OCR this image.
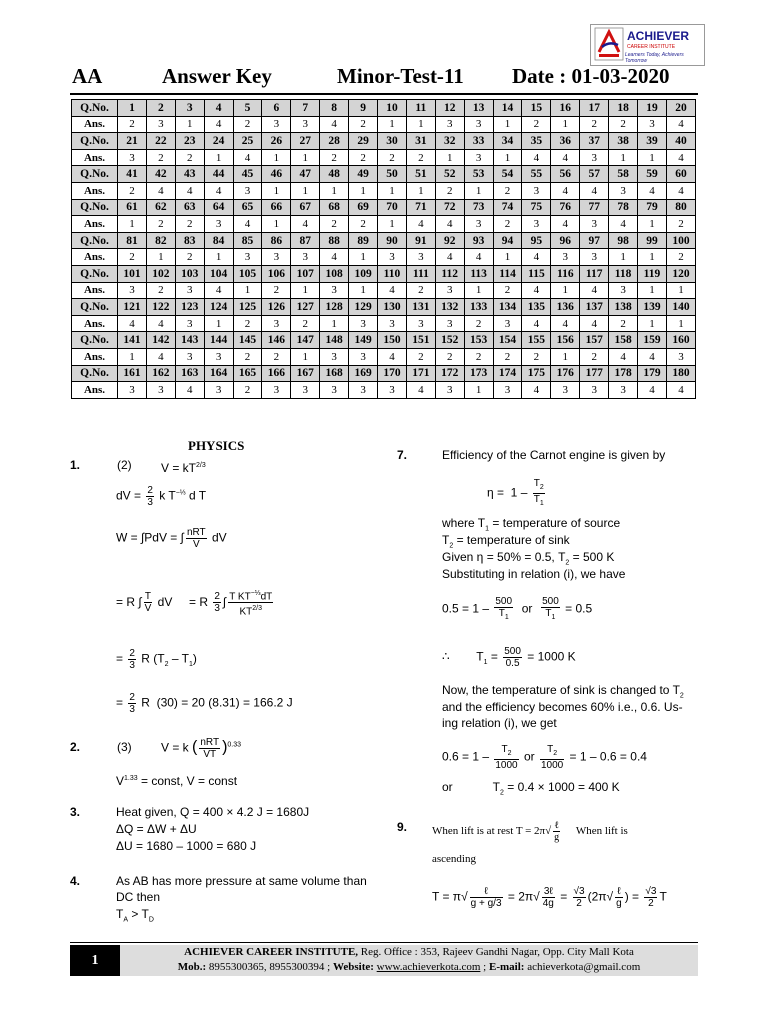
ACHIEVER
CAREER INSTITUTE
Learners Today, Achievers Tomorrow
AA	Answer Key	Minor-Test-11 Date : 01-03-2020
Q.No.	1	2	3	4	5	6	7	8	9	10	11	12	13	14	15	16	17	18	19	20
Ans.	2	3	1	4	2	3	3	4	2	1	1	3	3	1	2	1	2	2	3	4
Q.No.	21	22	23	24	25	26	27	28	29	30	31	32	33	34	35	36	37	38	39	40
Ans.	3	2	2	1	4	1	1	2	2	2	2	1	3	1	4	4	3	1	1	4
Q.No.	41	42	43	44	45	46	47	48	49	50	51	52	53	54	55	56	57	58	59	60
Ans.	2	4	4	4	3	1	1	1	1	1	1	2	1	2	3	4	4	3	4	4
Q.No.	61	62	63	64	65	66	67	68	69	70	71	72	73	74	75	76	77	78	79	80
Ans.	1	2	2	3	4	1	4	2	2	1	4	4	3	2	3	4	3	4	1	2
Q.No.	81	82	83	84	85	86	87	88	89	90	91	92	93	94	95	96	97	98	99	100
Ans.	2	1	2	1	3	3	3	4	1	3	3	4	4	1	4	3	3	1	1	2
Q.No.	101	102	103	104	105	106	107	108	109	110	111	112	113	114	115	116	117	118	119	120
Ans.	3	2	3	4	1	2	1	3	1	4	2	3	1	2	4	1	4	3	1	1
Q.No.	121	122	123	124	125	126	127	128	129	130	131	132	133	134	135	136	137	138	139	140
Ans.	4	4	3	1	2	3	2	1	3	3	3	3	2	3	4	4	4	2	1	1
Q.No.	141	142	143	144	145	146	147	148	149	150	151	152	153	154	155	156	157	158	159	160
Ans.	1	4	3	3	2	2	1	3	3	4	2	2	2	2	2	1	2	4	4	3
Q.No.	161	162	163	164	165	166	167	168	169	170	171	172	173	174	175	176	177	178	179	180
Ans.	3	3	4	3	2	3	3	3	3	3	4	3	1	3	4	3	3	3	4	4
PHYSICS
1.	(2) $V = kT^{2/3}$
dV = $\frac{2}{3}$ k $T^{-\frac{1}{3}}$ d T
W = ∫PdV = ∫ $\frac{\text{nRT}}{V}$ dV
= R ∫ $\frac{T}{V}$ dV     = R $\frac{2}{3}$ ∫ $\frac{T KT^{-\frac{1}{3}}dT}{KT^{2/3}}$
= $\frac{2}{3}$ R $(T_2 - T_1)$
= $\frac{2}{3}$ R  (30) = 20 (8.31) = 166.2 J
2.	(3) V = k ( $\frac{\text{nRT}}{VT} )^{0.33}$
$V^{1.33}$ = const, V = const
3.	Heat given, Q = 400 × 4.2 J = 1680J
ΔQ = ΔW + ΔU
ΔU = 1680 – 1000 = 680 J
4.	As AB has more pressure at same volume than
DC then
$T_A > T_D$
7.	Efficiency of the Carnot engine is given by
$\eta = 1 - \frac{T_2}{T_1}$
where $T_1$ = temperature of source
$T_2$ = temperature of sink
Given η = 50% = 0.5, $T_2 = 500$ K
Substituting in relation (i), we have
$0.5 = 1 - \frac{500}{T_1}$ or $\frac{500}{T_1} = 0.5$
∴        $T_1 = \frac{500}{0.5} = 1000$ K
Now, the temperature of sink is changed to $T_2$
and the efficiency becomes 60% i.e., 0.6. Us-
ing relation (i), we get
$0.6 = 1 - \frac{T_2}{1000}$ or $\frac{T_2}{1000} = 1 - 0.6 = 0.4$
or            $T_2 = 0.4 \times 1000 = 400$ K
9. When lift is at rest $T = 2\pi√ \frac{\text{ℓ}}{g}$ When lift is
ascending
$T = \pi√ \frac{\text{ℓ}}{g + g/3} = 2\pi√ \frac{\text{3ℓ}}{4g} = \frac{√3}{2} (2\pi√ \frac{\text{ℓ}}{g}$ ) = $\frac{√3}{2}$ T
1
ACHIEVER CAREER INSTITUTE, Reg. Office : 353, Rajeev Gandhi Nagar, Opp. City Mall Kota
Mob.: 8955300365, 8955300394 ; Website: www.achieverkota.com ; E-mail: achieverkota@gmail.com
